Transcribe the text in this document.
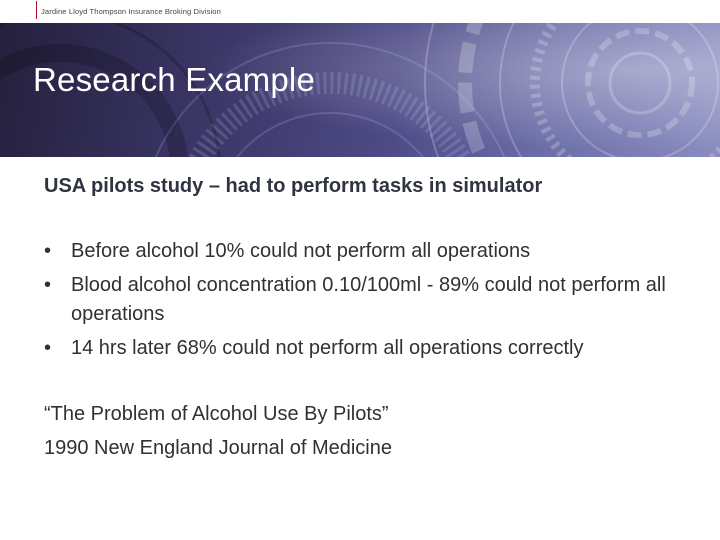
Jardine Lloyd Thompson Insurance Broking Division
Research Example
USA pilots study – had to perform tasks in simulator
• Before alcohol 10% could not perform all operations
• Blood alcohol concentration 0.10/100ml - 89% could not perform all operations
• 14 hrs later 68% could not perform all operations correctly
“The Problem of Alcohol Use By Pilots”
1990 New England Journal of Medicine
